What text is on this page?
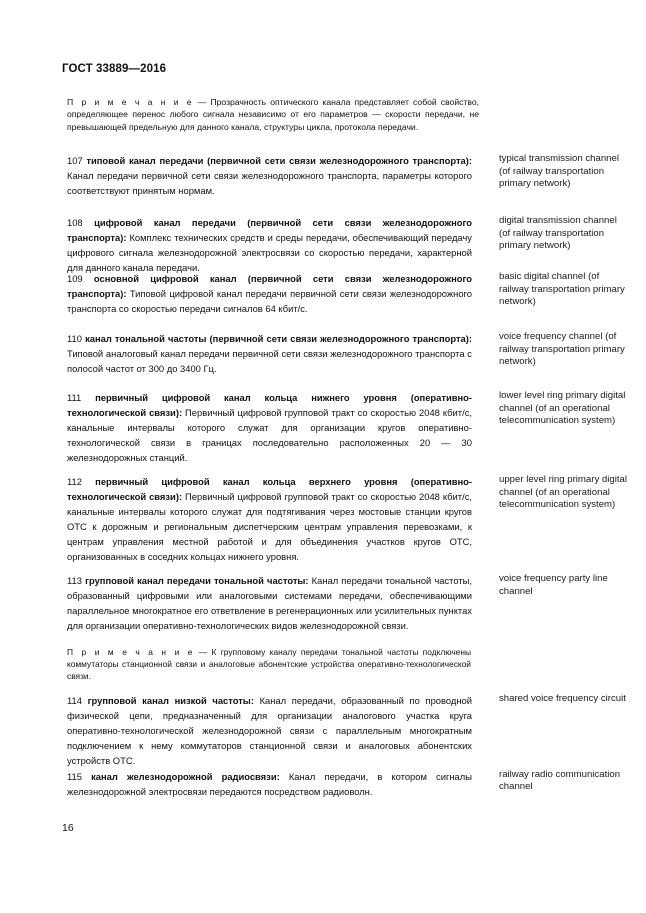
ГОСТ 33889—2016
П р и м е ч а н и е — Прозрачность оптического канала представляет собой свойство, определяющее перенос любого сигнала независимо от его параметров — скорости передачи, не превышающей предельную для данного канала, структуры цикла, протокола передачи.
107 типовой канал передачи (первичной сети связи железнодорожного транспорта): Канал передачи первичной сети связи железнодорожного транспорта, параметры которого соответствуют принятым нормам.
typical transmission channel (of railway transportation primary network)
108 цифровой канал передачи (первичной сети связи железнодорожного транспорта): Комплекс технических средств и среды передачи, обеспечивающий передачу цифрового сигнала железнодорожной электросвязи со скоростью передачи, характерной для данного канала передачи.
digital transmission channel (of railway transportation primary network)
109 основной цифровой канал (первичной сети связи железнодорожного транспорта): Типовой цифровой канал передачи первичной сети связи железнодорожного транспорта со скоростью передачи сигналов 64 кбит/с.
basic digital channel (of railway transportation primary network)
110 канал тональной частоты (первичной сети связи железнодорожного транспорта): Типовой аналоговый канал передачи первичной сети связи железнодорожного транспорта с полосой частот от 300 до 3400 Гц.
voice frequency channel (of railway transportation primary network)
111 первичный цифровой канал кольца нижнего уровня (оперативно-технологической связи): Первичный цифровой групповой тракт со скоростью 2048 кбит/с, канальные интервалы которого служат для организации кругов оперативно-технологической связи в границах последовательно расположенных 20 — 30 железнодорожных станций.
lower level ring primary digital channel (of an operational telecommunication system)
112 первичный цифровой канал кольца верхнего уровня (оперативно-технологической связи): Первичный цифровой групповой тракт со скоростью 2048 кбит/с, канальные интервалы которого служат для подтягивания через мостовые станции кругов ОТС к дорожным и региональным диспетчерским центрам управления перевозками, к центрам управления местной работой и для объединения участков кругов ОТС, организованных в соседних кольцах нижнего уровня.
upper level ring primary digital channel (of an operational telecommunication system)
113 групповой канал передачи тональной частоты: Канал передачи тональной частоты, образованный цифровыми или аналоговыми системами передачи, обеспечивающими параллельное многократное его ответвление в регенерационных или усилительных пунктах для организации оперативно-технологических видов железнодорожной связи.
voice frequency party line channel
П р и м е ч а н и е — К групповому каналу передачи тональной частоты подключены коммутаторы станционной связи и аналоговые абонентские устройства оперативно-технологической связи.
114 групповой канал низкой частоты: Канал передачи, образованный по проводной физической цепи, предназначенный для организации аналогового участка круга оперативно-технологической железнодорожной связи с параллельным многократным подключением к нему коммутаторов станционной связи и аналоговых абонентских устройств ОТС.
shared voice frequency circuit
115 канал железнодорожной радиосвязи: Канал передачи, в котором сигналы железнодорожной электросвязи передаются посредством радиоволн.
railway radio communication channel
16
